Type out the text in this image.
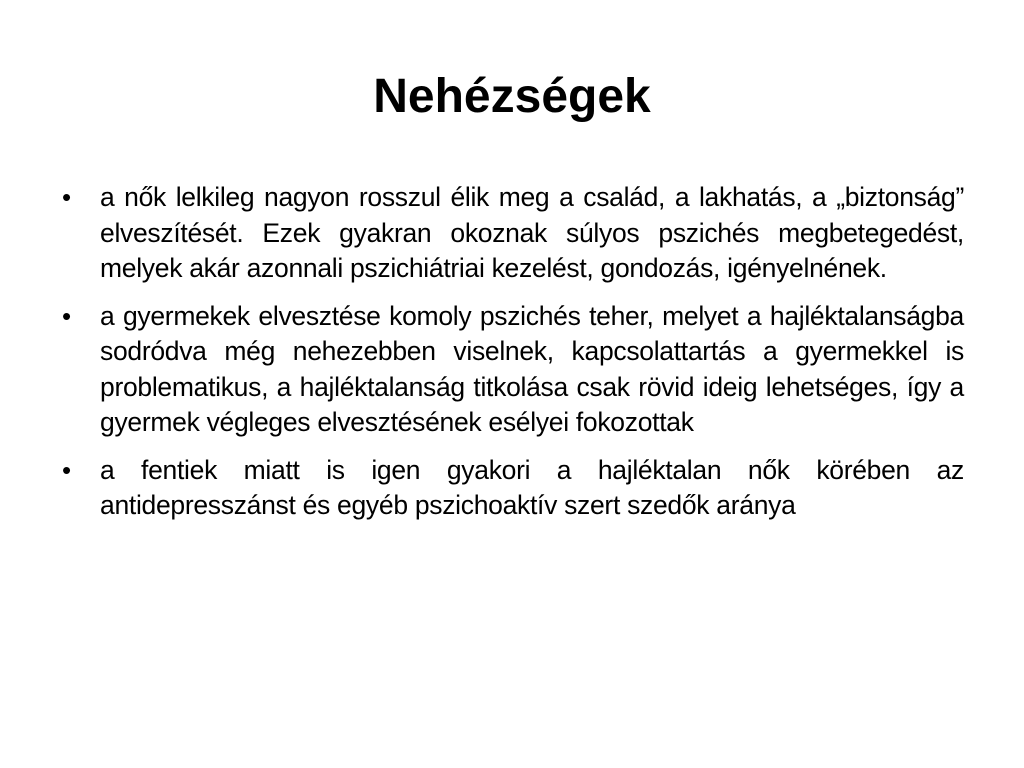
Nehézségek
• a nők lelkileg nagyon rosszul élik meg a család, a lakhatás, a „biztonság” elveszítését. Ezek gyakran okoznak súlyos pszichés megbetegedést, melyek akár azonnali pszichiátriai kezelést, gondozás, igényelnének.
• a gyermekek elvesztése komoly pszichés teher, melyet a hajléktalanságba sodródva még nehezebben viselnek, kapcsolattartás a gyermekkel is problematikus, a hajléktalanság titkolása csak rövid ideig lehetséges, így a gyermek végleges elvesztésének esélyei fokozottak
• a fentiek miatt is igen gyakori a hajléktalan nők körében az antidepresszánst és egyéb pszichoaktív szert szedők aránya
